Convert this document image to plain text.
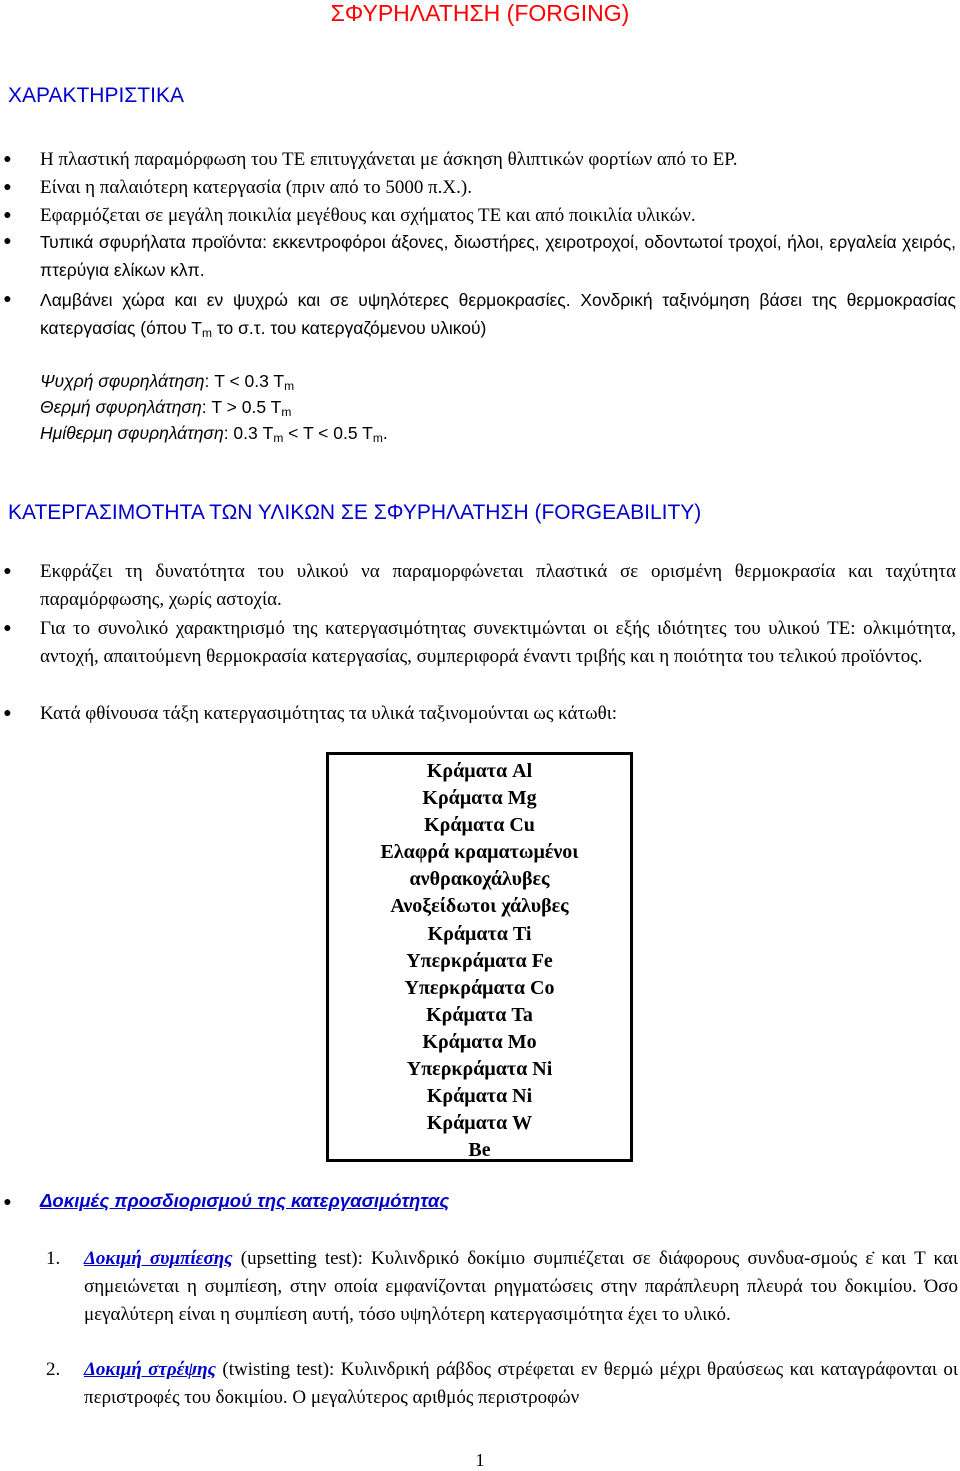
ΣΦΥΡΗΛΑΤΗΣΗ (FORGING)
ΧΑΡΑΚΤΗΡΙΣΤΙΚΑ
● Η πλαστική παραμόρφωση του ΤΕ επιτυγχάνεται με άσκηση θλιπτικών φορτίων από το ΕΡ.
● Είναι η παλαιότερη κατεργασία (πριν από το 5000 π.Χ.).
● Εφαρμόζεται σε μεγάλη ποικιλία μεγέθους και σχήματος ΤΕ και από ποικιλία υλικών.
● Τυπικά σφυρήλατα προϊόντα: εκκεντροφόροι άξονες, διωστήρες, χειροτροχοί, οδοντωτοί τροχοί, ήλοι, εργαλεία χειρός, πτερύγια ελίκων κλπ.
● Λαμβάνει χώρα και εν ψυχρώ και σε υψηλότερες θερμοκρασίες. Χονδρική ταξινόμηση βάσει της θερμοκρασίας κατεργασίας (όπου $T_m$ το σ.τ. του κατεργαζόμενου υλικού)
Ψυχρή σφυρηλάτηση: T < 0.3 $T_m$
Θερμή σφυρηλάτηση: T > 0.5 $T_m$
Ημίθερμη σφυρηλάτηση: 0.3 $T_m < T < 0.5$ $T_m$.
ΚΑΤΕΡΓΑΣΙΜΟΤΗΤΑ ΤΩΝ ΥΛΙΚΩΝ ΣΕ ΣΦΥΡΗΛΑΤΗΣΗ (FORGEABILITY)
● Εκφράζει τη δυνατότητα του υλικού να παραμορφώνεται πλαστικά σε ορισμένη θερμοκρασία και ταχύτητα παραμόρφωσης, χωρίς αστοχία.
● Για το συνολικό χαρακτηρισμό της κατεργασιμότητας συνεκτιμώνται οι εξής ιδιότητες του υλικού ΤΕ: ολκιμότητα, αντοχή, απαιτούμενη θερμοκρασία κατεργασίας, συμπεριφορά έναντι τριβής και η ποιότητα του τελικού προϊόντος.
● Κατά φθίνουσα τάξη κατεργασιμότητας τα υλικά ταξινομούνται ως κάτωθι:
Κράματα Al
Κράματα Mg
Κράματα Cu
Ελαφρά κραματωμένοι
ανθρακοχάλυβες
Ανοξείδωτοι χάλυβες
Κράματα Ti
Υπερκράματα Fe
Υπερκράματα Co
Κράματα Ta
Κράματα Mo
Υπερκράματα Ni
Κράματα Ni
Κράματα W
Be
● Δοκιμές προσδιορισμού της κατεργασιμότητας
1. Δοκιμή συμπίεσης (upsetting test): Κυλινδρικό δοκίμιο συμπιέζεται σε διάφορους συνδυα-σμούς ε̇ και T και σημειώνεται η συμπίεση, στην οποία εμφανίζονται ρηγματώσεις στην παράπλευρη πλευρά του δοκιμίου. Όσο μεγαλύτερη είναι η συμπίεση αυτή, τόσο υψηλότερη κατεργασιμότητα έχει το υλικό.
2. Δοκιμή στρέψης (twisting test): Κυλινδρική ράβδος στρέφεται εν θερμώ μέχρι θραύσεως και καταγράφονται οι περιστροφές του δοκιμίου. Ο μεγαλύτερος αριθμός περιστροφών
1
